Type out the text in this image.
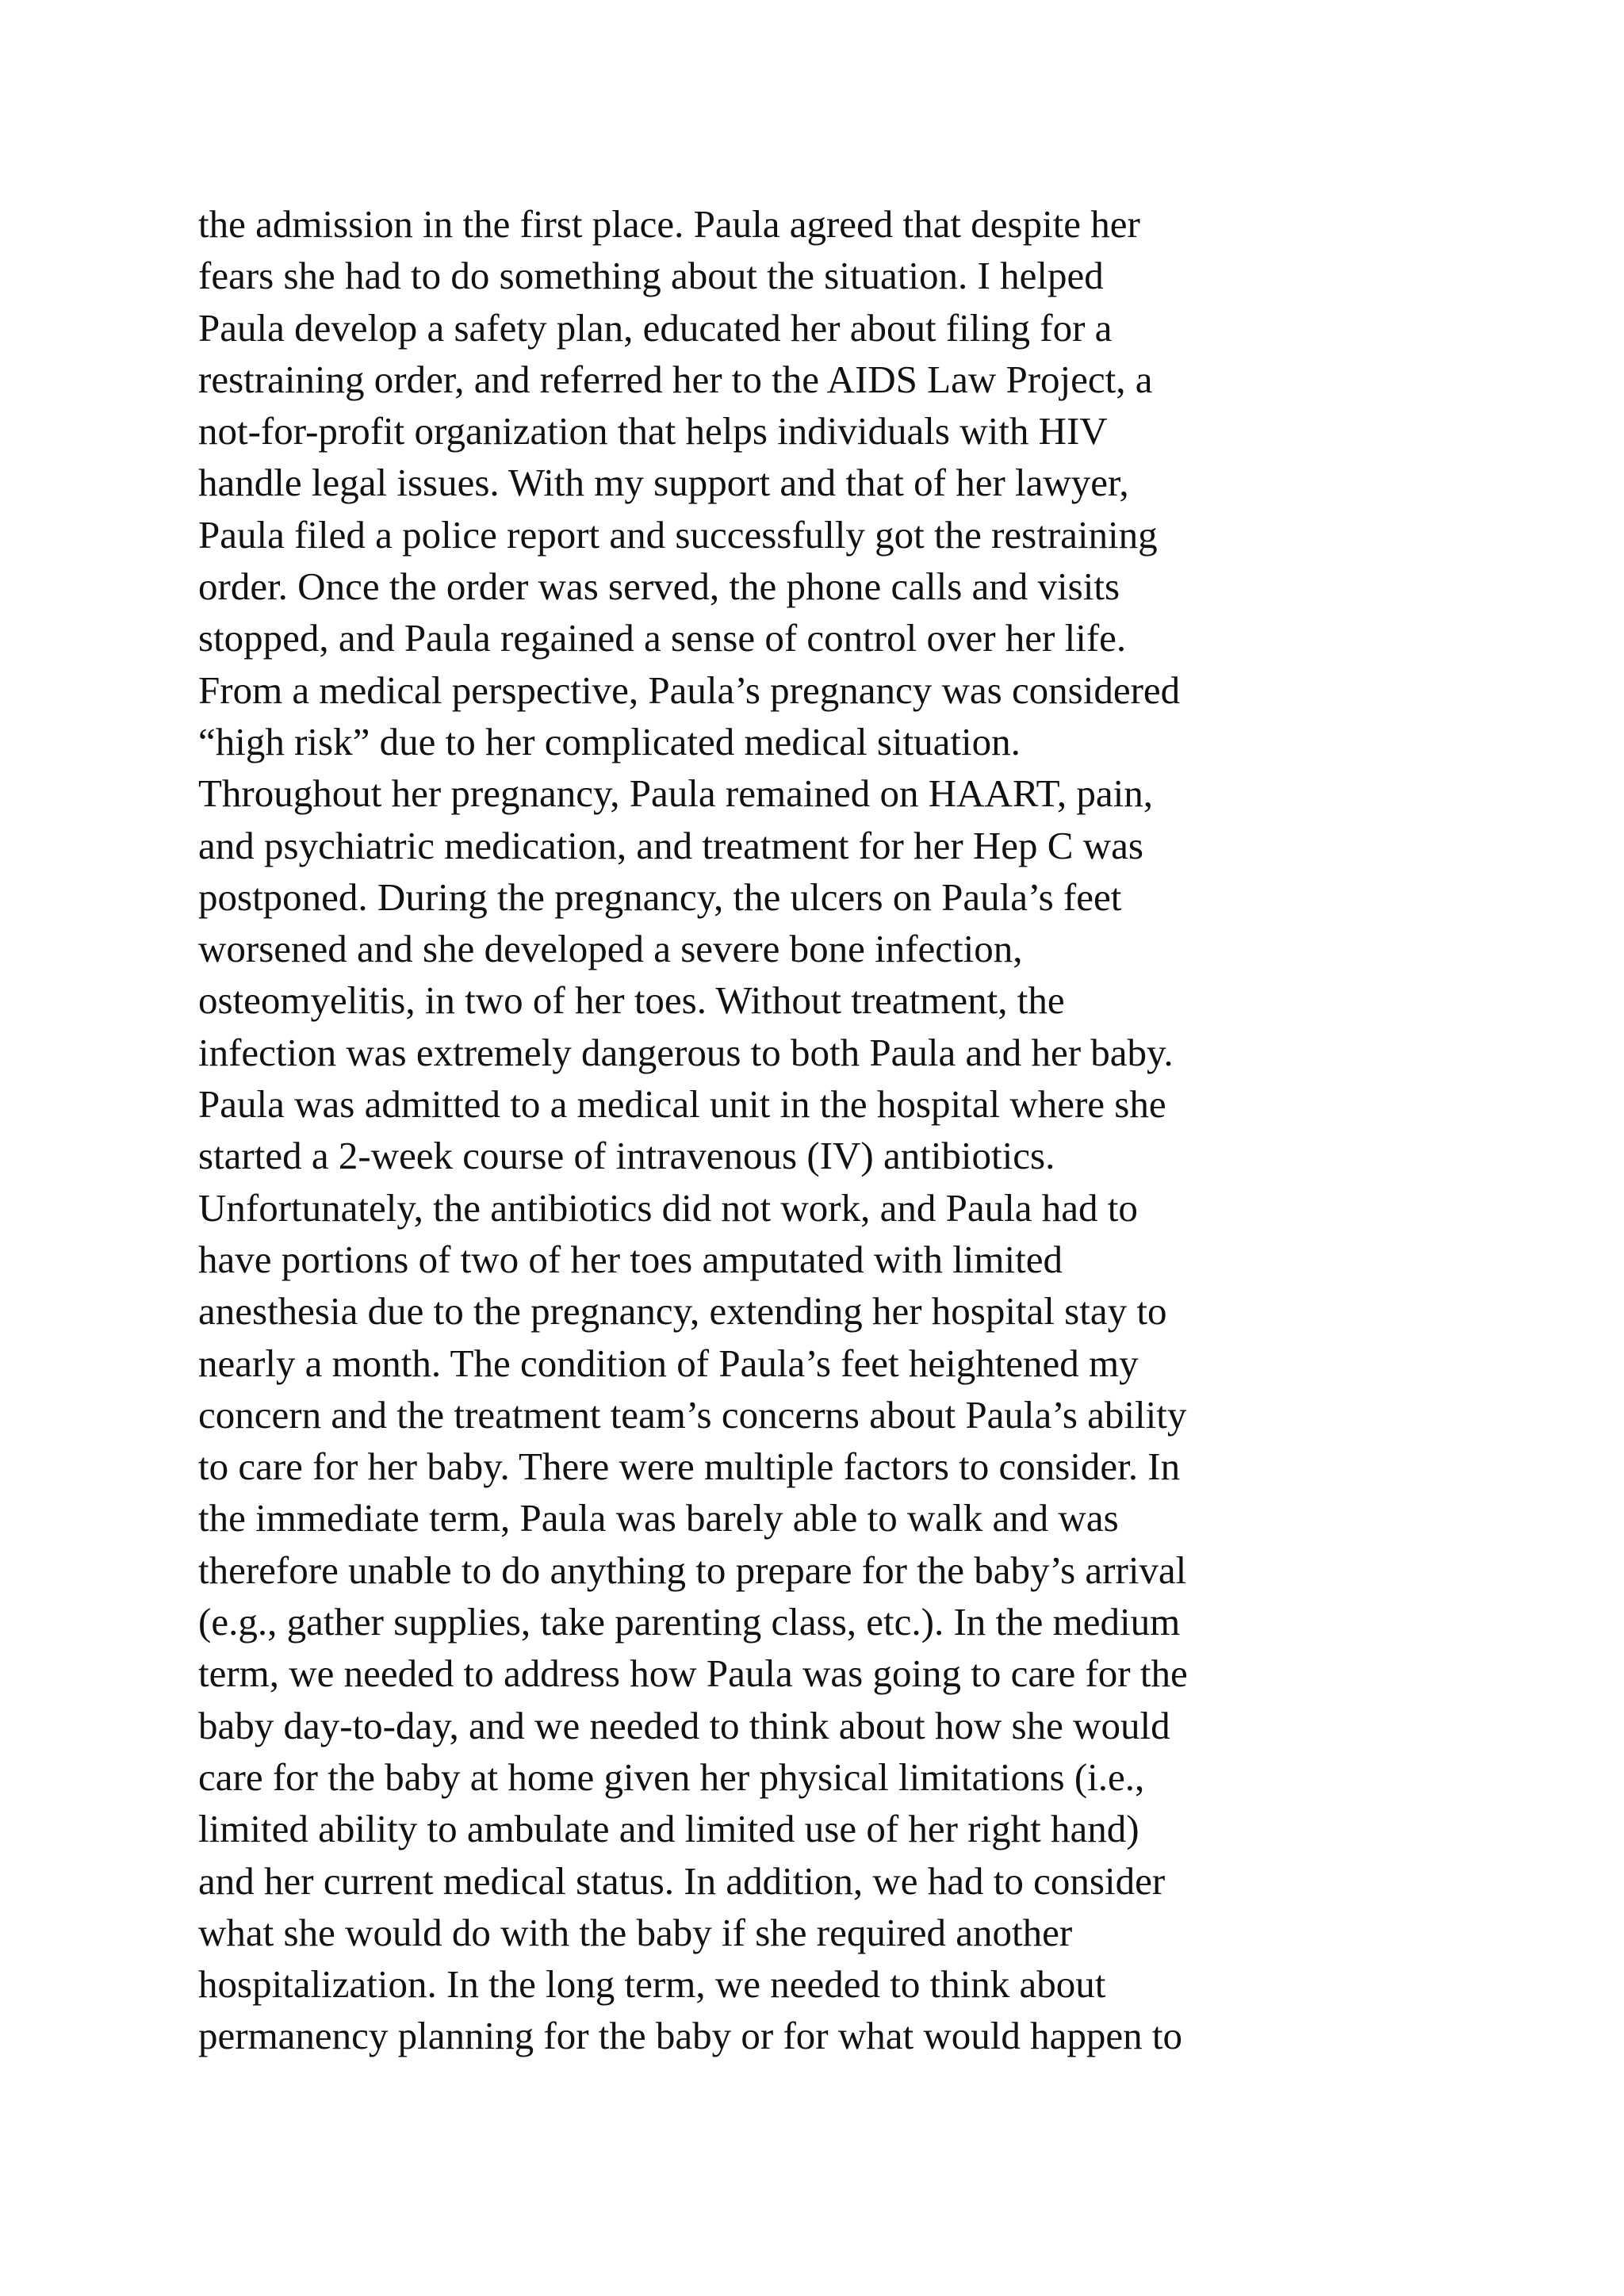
the admission in the first place. Paula agreed that despite her
fears she had to do something about the situation. I helped
Paula develop a safety plan, educated her about filing for a
restraining order, and referred her to the AIDS Law Project, a
not-for-profit organization that helps individuals with HIV
handle legal issues. With my support and that of her lawyer,
Paula filed a police report and successfully got the restraining
order. Once the order was served, the phone calls and visits
stopped, and Paula regained a sense of control over her life.
From a medical perspective, Paula’s pregnancy was considered
“high risk” due to her complicated medical situation.
Throughout her pregnancy, Paula remained on HAART, pain,
and psychiatric medication, and treatment for her Hep C was
postponed. During the pregnancy, the ulcers on Paula’s feet
worsened and she developed a severe bone infection,
osteomyelitis, in two of her toes. Without treatment, the
infection was extremely dangerous to both Paula and her baby.
Paula was admitted to a medical unit in the hospital where she
started a 2-week course of intravenous (IV) antibiotics.
Unfortunately, the antibiotics did not work, and Paula had to
have portions of two of her toes amputated with limited
anesthesia due to the pregnancy, extending her hospital stay to
nearly a month. The condition of Paula’s feet heightened my
concern and the treatment team’s concerns about Paula’s ability
to care for her baby. There were multiple factors to consider. In
the immediate term, Paula was barely able to walk and was
therefore unable to do anything to prepare for the baby’s arrival
(e.g., gather supplies, take parenting class, etc.). In the medium
term, we needed to address how Paula was going to care for the
baby day-to-day, and we needed to think about how she would
care for the baby at home given her physical limitations (i.e.,
limited ability to ambulate and limited use of her right hand)
and her current medical status. In addition, we had to consider
what she would do with the baby if she required another
hospitalization. In the long term, we needed to think about
permanency planning for the baby or for what would happen to
